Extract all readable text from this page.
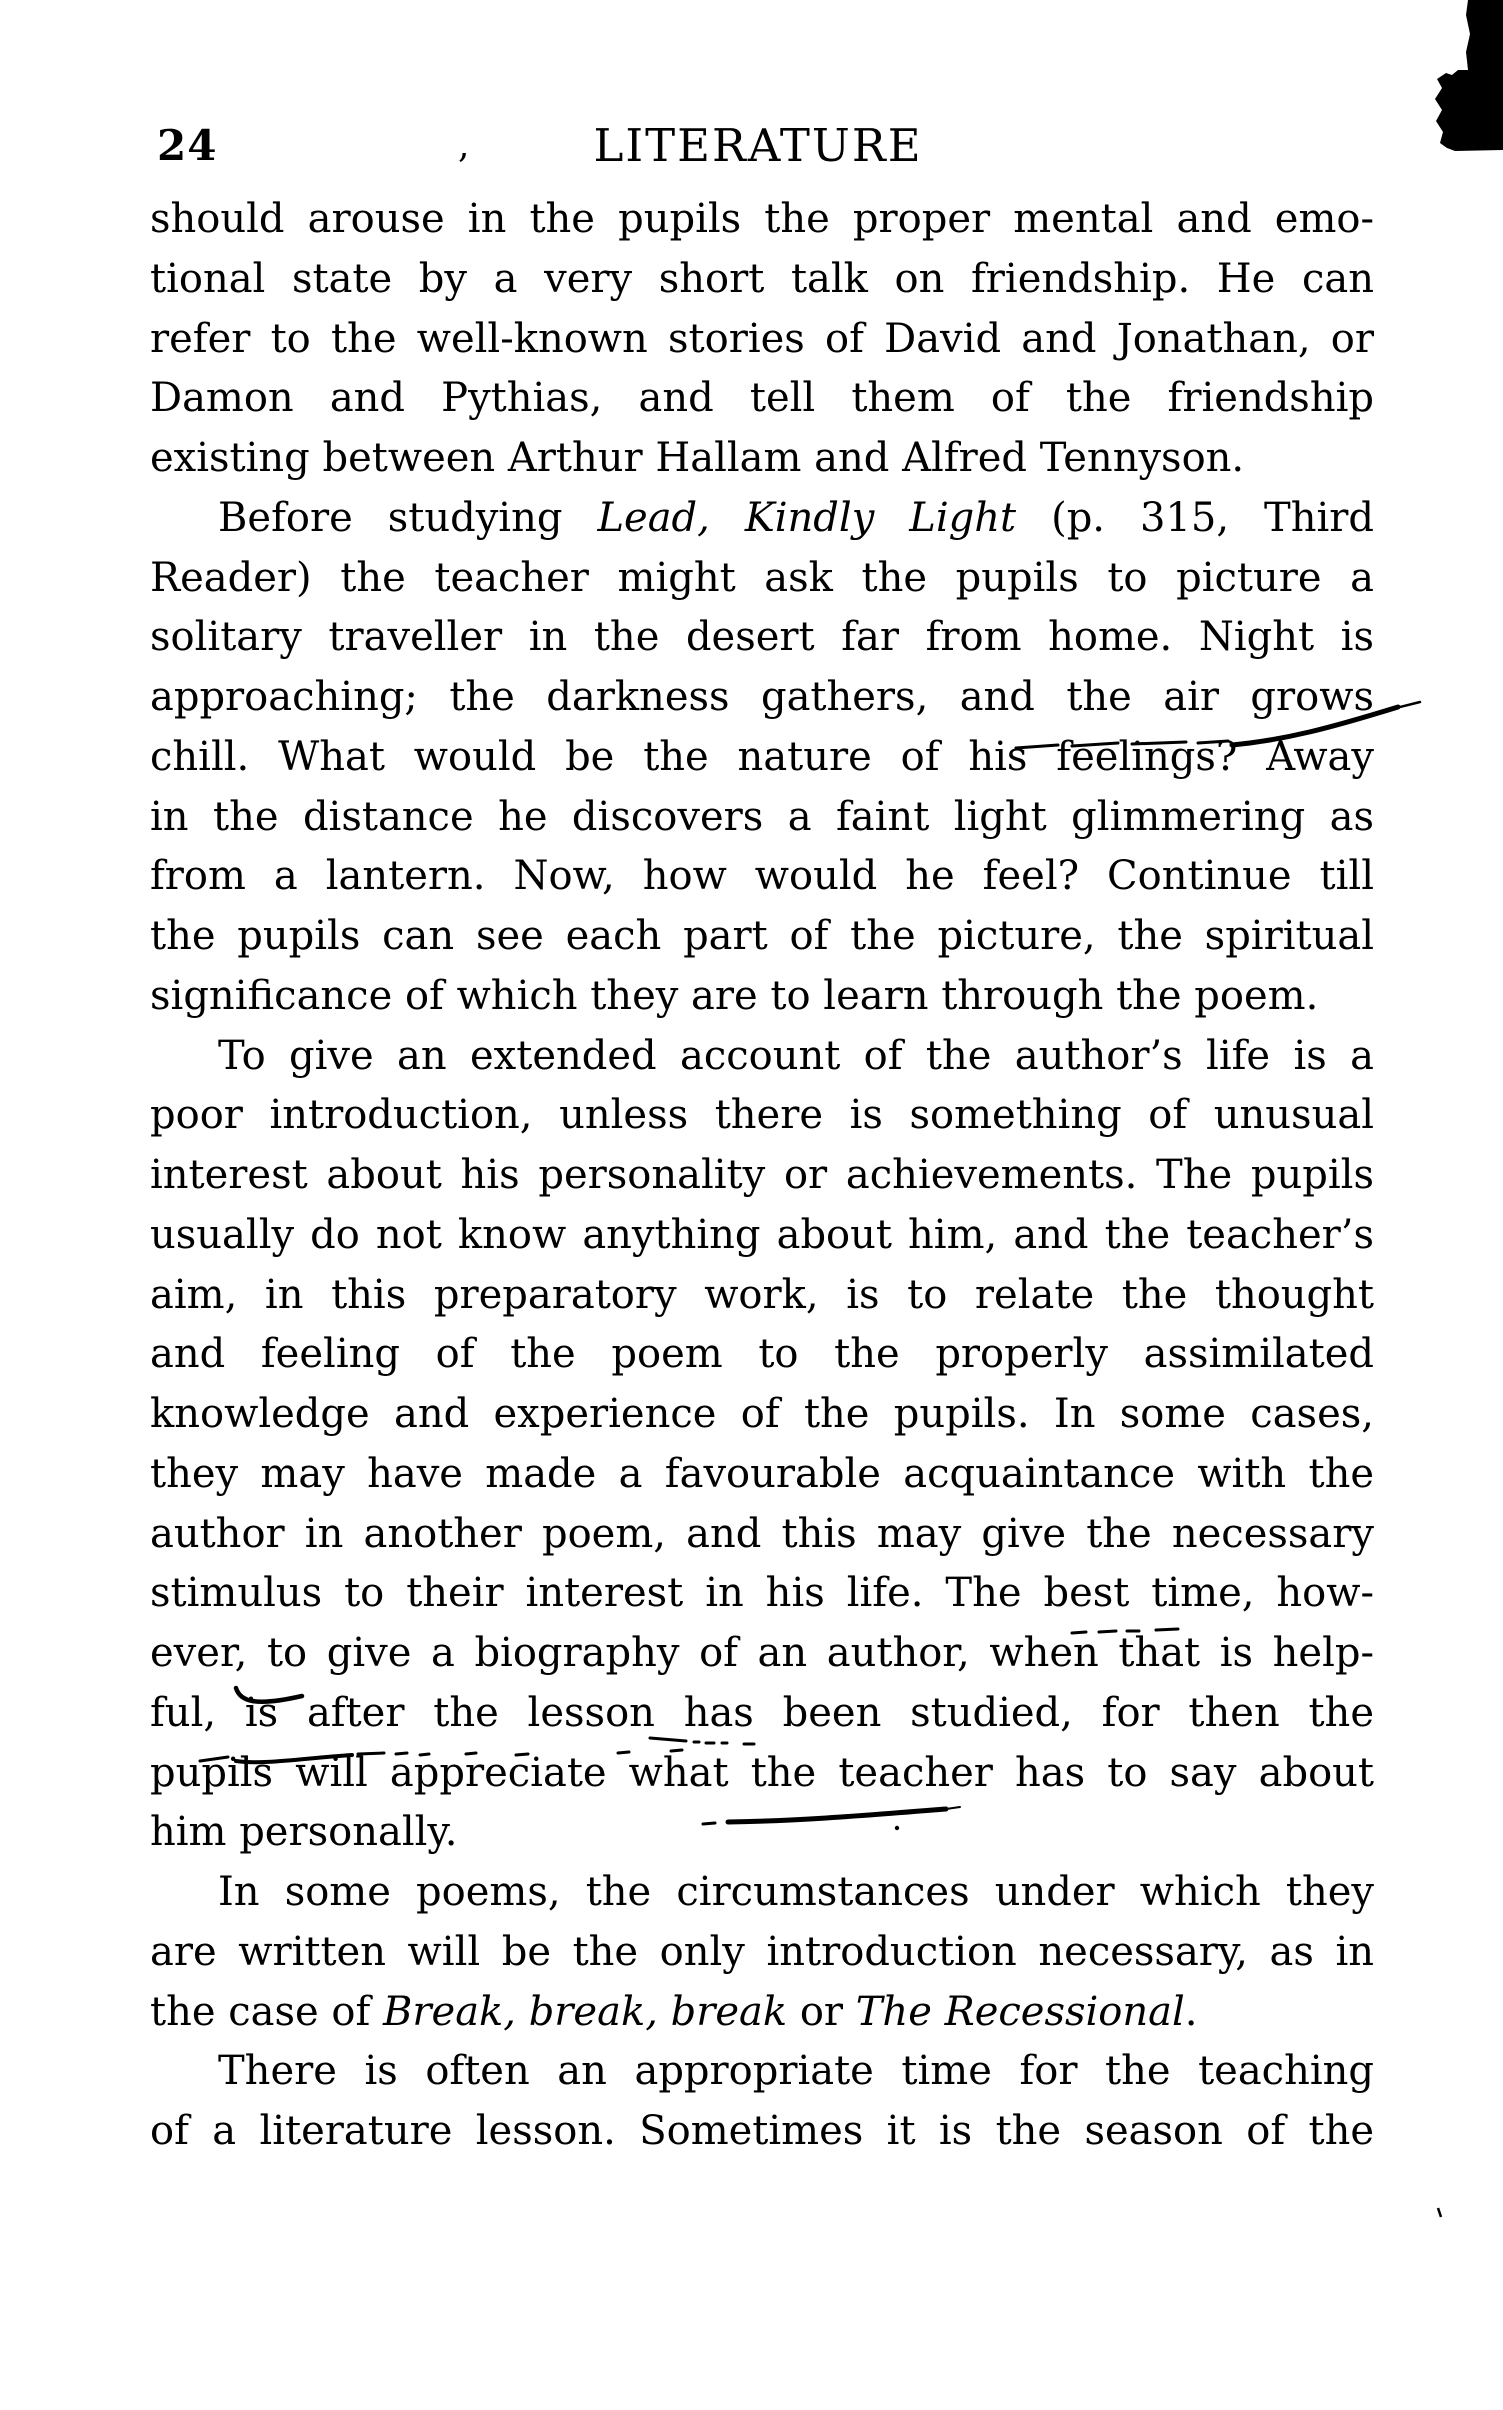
24	,	LITERATURE
should arouse in the pupils the proper mental and emo-
tional state by a very short talk on friendship. He can
refer to the well-known stories of David and Jonathan, or
Damon and Pythias, and tell them of the friendship
existing between Arthur Hallam and Alfred Tennyson.
Before studying Lead, Kindly Light (p. 315, Third
Reader) the teacher might ask the pupils to picture a
solitary traveller in the desert far from home. Night is
approaching; the darkness gathers, and the air grows
chill. What would be the nature of his feelings? Away
in the distance he discovers a faint light glimmering as
from a lantern. Now, how would he feel? Continue till
the pupils can see each part of the picture, the spiritual
significance of which they are to learn through the poem.
To give an extended account of the author’s life is a
poor introduction, unless there is something of unusual
interest about his personality or achievements. The pupils
usually do not know anything about him, and the teacher’s
aim, in this preparatory work, is to relate the thought
and feeling of the poem to the properly assimilated
knowledge and experience of the pupils. In some cases,
they may have made a favourable acquaintance with the
author in another poem, and this may give the necessary
stimulus to their interest in his life. The best time, how-
ever, to give a biography of an author, when that is help-
ful, is after the lesson has been studied, for then the
pupils will appreciate what the teacher has to say about
him personally.
In some poems, the circumstances under which they
are written will be the only introduction necessary, as in
the case of Break, break, break or The Recessional.
There is often an appropriate time for the teaching
of a literature lesson. Sometimes it is the season of the
